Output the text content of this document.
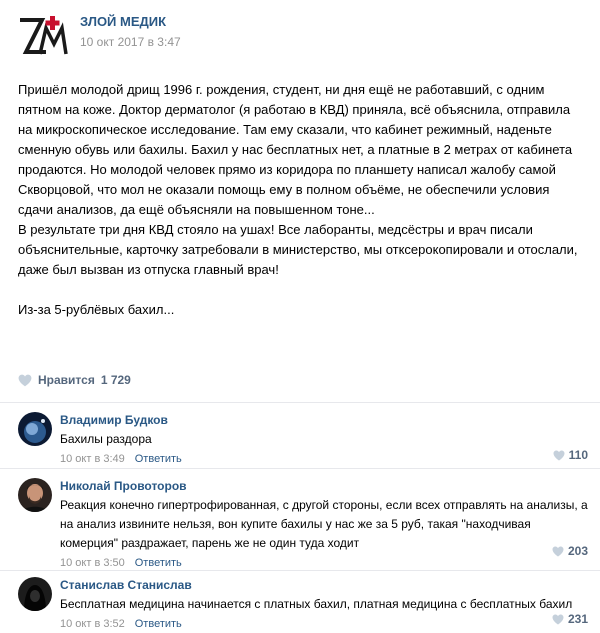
ЗЛОЙ МЕДИК
10 окт 2017 в 3:47

Пришёл молодой дрищ 1996 г. рождения, студент, ни дня ещё не работавший, с одним пятном на коже. Доктор дерматолог (я работаю в КВД) приняла, всё объяснила, отправила на микроскопическое исследование. Там ему сказали, что кабинет режимный, наденьте сменную обувь или бахилы. Бахил у нас бесплатных нет, а платные в 2 метрах от кабинета продаются. Но молодой человек прямо из коридора по планшету написал жалобу самой Скворцовой, что мол не оказали помощь ему в полном объёме, не обеспечили условия сдачи анализов, да ещё объясняли на повышенном тоне...

В результате три дня КВД стояло на ушах! Все лаборанты, медсёстры и врач писали объяснительные, карточку затребовали в министерство, мы отксерокопировали и отослали, даже был вызван из отпуска главный врач!

Из-за 5-рублёвых бахил...

Нравится 1 729
Владимир Будков
Бахилы раздора
10 окт в 3:49 Ответить	110
Николай Провоторов
Реакция конечно гипертрофированная, с другой стороны, если всех отправлять на анализы, а на анализ извините нельзя, вон купите бахилы у нас же за 5 руб, такая "находчивая комерция" раздражает, парень же не один туда ходит
10 окт в 3:50 Ответить
203
Станислав Станислав
Бесплатная медицина начинается с платных бахил, платная медицина с бесплатных бахил
10 окт в 3:52 Ответить	231
